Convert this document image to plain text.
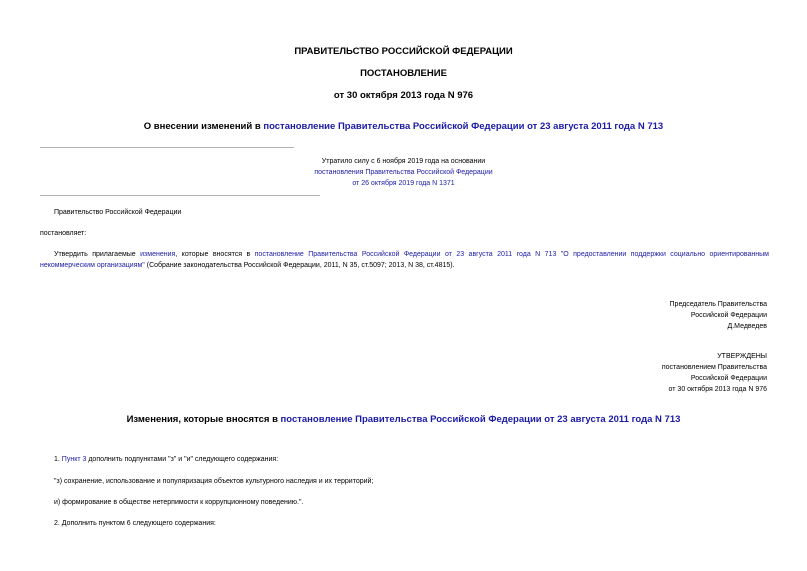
ПРАВИТЕЛЬСТВО РОССИЙСКОЙ ФЕДЕРАЦИИ
ПОСТАНОВЛЕНИЕ
от 30 октября 2013 года N 976
О внесении изменений в постановление Правительства Российской Федерации от 23 августа 2011 года N 713
Утратило силу с 6 ноября 2019 года на основании
постановления Правительства Российской Федерации
от 26 октября 2019 года N 1371
Правительство Российской Федерации
постановляет:
Утвердить прилагаемые изменения, которые вносятся в постановление Правительства Российской Федерации от 23 августа 2011 года N 713 "О предоставлении поддержки социально ориентированным некоммерческим организациям" (Собрание законодательства Российской Федерации, 2011, N 35, ст.5097; 2013, N 38, ст.4815).
Председатель Правительства
Российской Федерации
Д.Медведев
УТВЕРЖДЕНЫ
постановлением Правительства
Российской Федерации
от 30 октября 2013 года N 976
Изменения, которые вносятся в постановление Правительства Российской Федерации от 23 августа 2011 года N 713
1. Пункт 3 дополнить подпунктами "з" и "и" следующего содержания:
"з) сохранение, использование и популяризация объектов культурного наследия и их территорий;
и) формирование в обществе нетерпимости к коррупционному поведению.".
2. Дополнить пунктом 6 следующего содержания:
